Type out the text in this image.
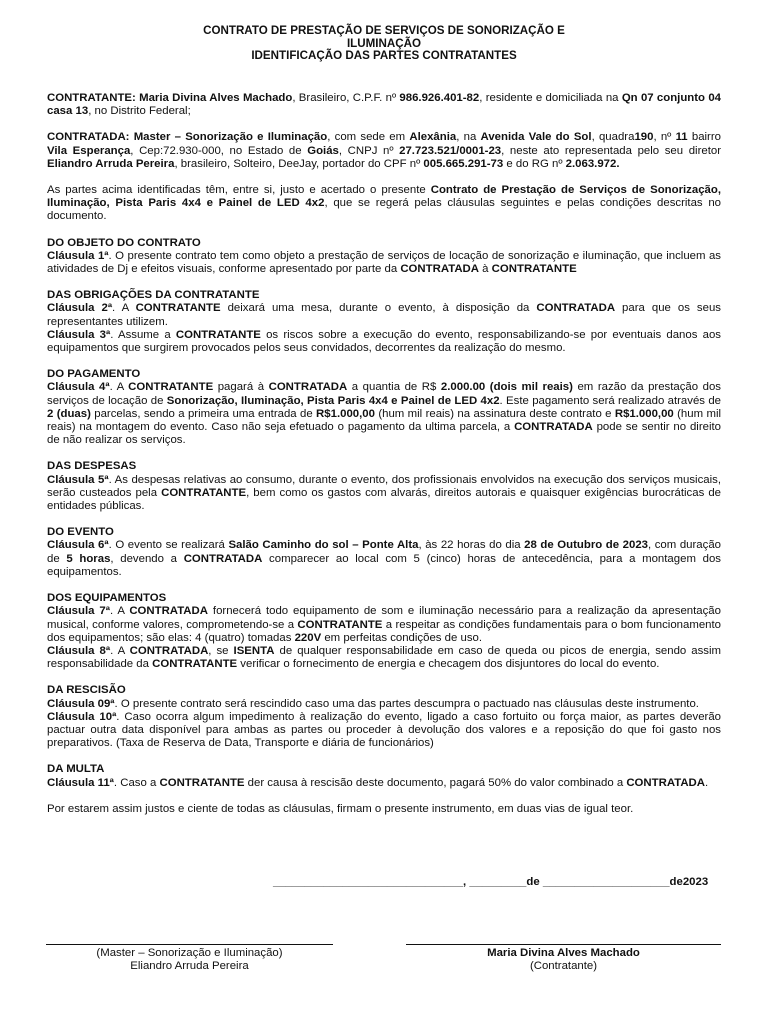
CONTRATO DE PRESTAÇÃO DE SERVIÇOS DE SONORIZAÇÃO E
ILUMINAÇÃO
IDENTIFICAÇÃO DAS PARTES CONTRATANTES

CONTRATANTE: Maria Divina Alves Machado, Brasileiro, C.P.F. nº 986.926.401-82, residente e domiciliada na Qn 07 conjunto 04 casa 13, no Distrito Federal;

CONTRATADA: Master – Sonorização e Iluminação, com sede em Alexânia, na Avenida Vale do Sol, quadra190, nº 11 bairro Vila Esperança, Cep:72.930-000, no Estado de Goiás, CNPJ nº 27.723.521/0001-23, neste ato representada pelo seu diretor Eliandro Arruda Pereira, brasileiro, Solteiro, DeeJay, portador do CPF nº 005.665.291-73 e do RG nº 2.063.972.

As partes acima identificadas têm, entre si, justo e acertado o presente Contrato de Prestação de Serviços de Sonorização, Iluminação, Pista Paris 4x4 e Painel de LED 4x2, que se regerá pelas cláusulas seguintes e pelas condições descritas no documento.

DO OBJETO DO CONTRATO

Cláusula 1ª. O presente contrato tem como objeto a prestação de serviços de locação de sonorização e iluminação, que incluem as atividades de Dj e efeitos visuais, conforme apresentado por parte da CONTRATADA à CONTRATANTE

DAS OBRIGAÇÕES DA CONTRATANTE

Cláusula 2ª. A CONTRATANTE deixará uma mesa, durante o evento, à disposição da CONTRATADA para que os seus representantes utilizem.

Cláusula 3ª. Assume a CONTRATANTE os riscos sobre a execução do evento, responsabilizando-se por eventuais danos aos equipamentos que surgirem provocados pelos seus convidados, decorrentes da realização do mesmo.

DO PAGAMENTO

Cláusula 4ª. A CONTRATANTE pagará à CONTRATADA a quantia de R$ 2.000.00 (dois mil reais) em razão da prestação dos serviços de locação de Sonorização, Iluminação, Pista Paris 4x4 e Painel de LED 4x2. Este pagamento será realizado através de 2 (duas) parcelas, sendo a primeira uma entrada de R$1.000,00 (hum mil reais) na assinatura deste contrato e R$1.000,00 (hum mil reais) na montagem do evento. Caso não seja efetuado o pagamento da ultima parcela, a CONTRATADA pode se sentir no direito de não realizar os serviços.

DAS DESPESAS

Cláusula 5ª. As despesas relativas ao consumo, durante o evento, dos profissionais envolvidos na execução dos serviços musicais, serão custeados pela CONTRATANTE, bem como os gastos com alvarás, direitos autorais e quaisquer exigências burocráticas de entidades públicas.

DO EVENTO

Cláusula 6ª. O evento se realizará Salão Caminho do sol – Ponte Alta, às 22 horas do dia 28 de Outubro de 2023, com duração de 5 horas, devendo a CONTRATADA comparecer ao local com 5 (cinco) horas de antecedência, para a montagem dos equipamentos.

DOS EQUIPAMENTOS

Cláusula 7ª. A CONTRATADA fornecerá todo equipamento de som e iluminação necessário para a realização da apresentação musical, conforme valores, comprometendo-se a CONTRATANTE a respeitar as condições fundamentais para o bom funcionamento dos equipamentos; são elas: 4 (quatro) tomadas 220V em perfeitas condições de uso.

Cláusula 8ª. A CONTRATADA, se ISENTA de qualquer responsabilidade em caso de queda ou picos de energia, sendo assim responsabilidade da CONTRATANTE verificar o fornecimento de energia e checagem dos disjuntores do local do evento.

DA RESCISÃO

Cláusula 09ª. O presente contrato será rescindido caso uma das partes descumpra o pactuado nas cláusulas deste instrumento.

Cláusula 10ª. Caso ocorra algum impedimento à realização do evento, ligado a caso fortuito ou força maior, as partes deverão pactuar outra data disponível para ambas as partes ou proceder à devolução dos valores e a reposição do que foi gasto nos preparativos. (Taxa de Reserva de Data, Transporte e diária de funcionários)

DA MULTA

Cláusula 11ª. Caso a CONTRATANTE der causa à rescisão deste documento, pagará 50% do valor combinado a CONTRATADA.

Por estarem assim justos e ciente de todas as cláusulas, firmam o presente instrumento, em duas vias de igual teor.

______________________________, _________de ____________________de2023
(Master – Sonorização e Iluminação)
Eliandro Arruda Pereira
Maria Divina Alves Machado
(Contratante)
